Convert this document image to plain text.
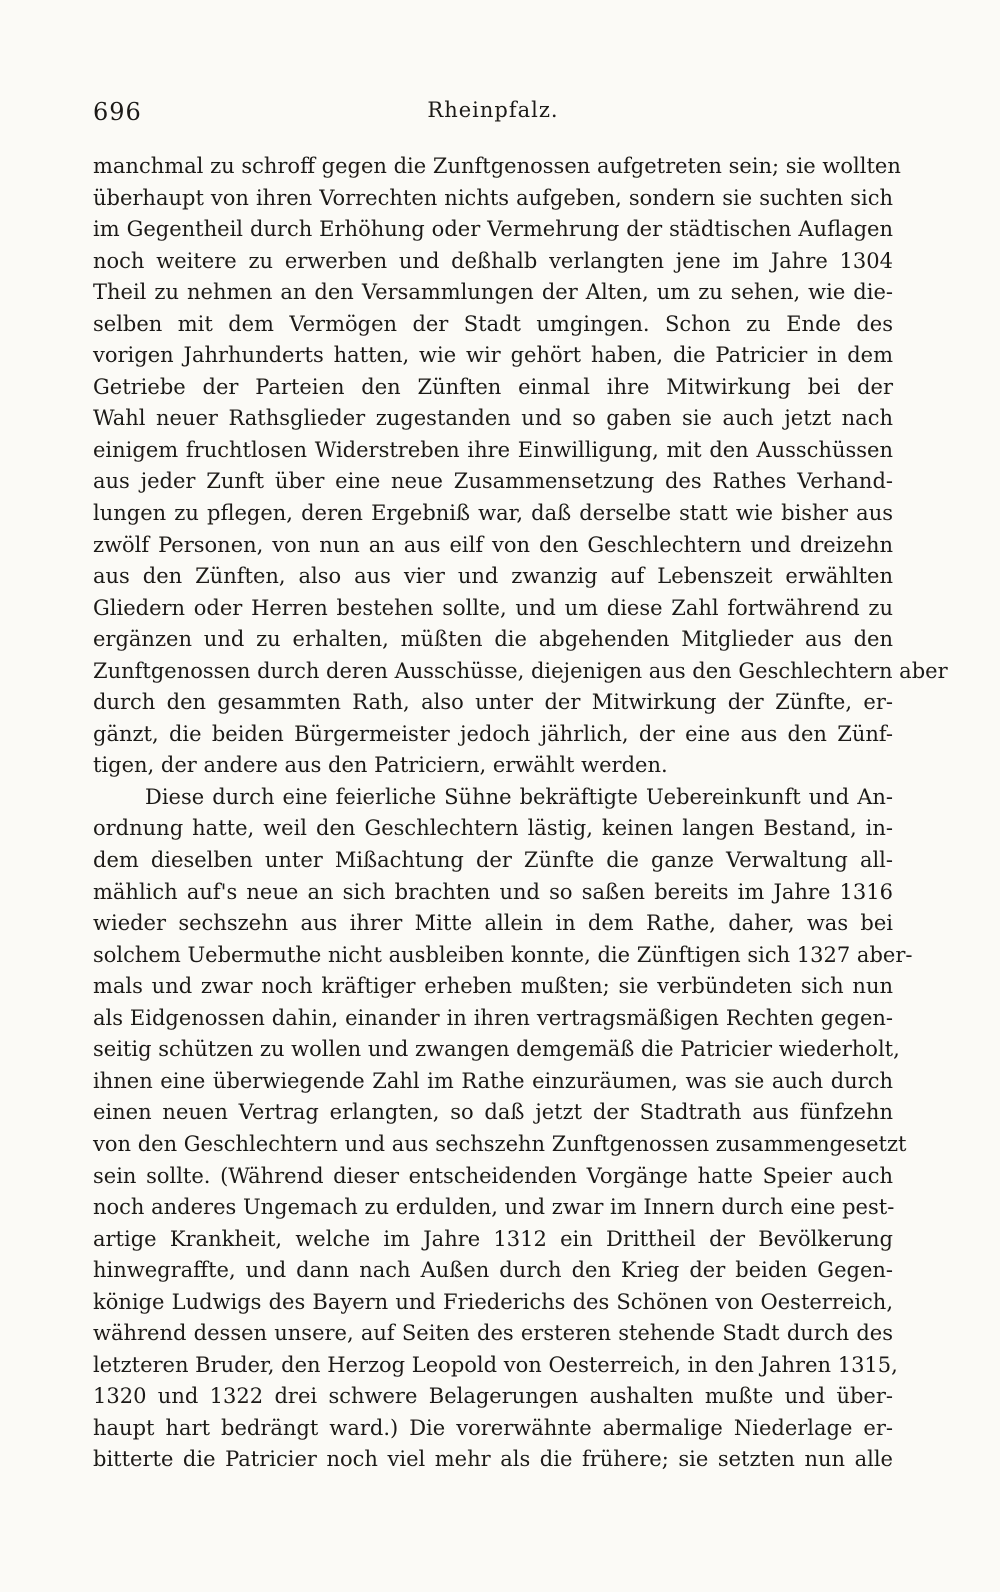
696	Rheinpfalz.
manchmal zu schroff gegen die Zunftgenossen aufgetreten sein; sie wollten
überhaupt von ihren Vorrechten nichts aufgeben, sondern sie suchten sich
im Gegentheil durch Erhöhung oder Vermehrung der städtischen Auflagen
noch weitere zu erwerben und deßhalb verlangten jene im Jahre 1304
Theil zu nehmen an den Versammlungen der Alten, um zu sehen, wie die-
selben mit dem Vermögen der Stadt umgingen. Schon zu Ende des
vorigen Jahrhunderts hatten, wie wir gehört haben, die Patricier in dem
Getriebe der Parteien den Zünften einmal ihre Mitwirkung bei der
Wahl neuer Rathsglieder zugestanden und so gaben sie auch jetzt nach
einigem fruchtlosen Widerstreben ihre Einwilligung, mit den Ausschüssen
aus jeder Zunft über eine neue Zusammensetzung des Rathes Verhand-
lungen zu pflegen, deren Ergebniß war, daß derselbe statt wie bisher aus
zwölf Personen, von nun an aus eilf von den Geschlechtern und dreizehn
aus den Zünften, also aus vier und zwanzig auf Lebenszeit erwählten
Gliedern oder Herren bestehen sollte, und um diese Zahl fortwährend zu
ergänzen und zu erhalten, müßten die abgehenden Mitglieder aus den
Zunftgenossen durch deren Ausschüsse, diejenigen aus den Geschlechtern aber
durch den gesammten Rath, also unter der Mitwirkung der Zünfte, er-
gänzt, die beiden Bürgermeister jedoch jährlich, der eine aus den Zünf-
tigen, der andere aus den Patriciern, erwählt werden.
Diese durch eine feierliche Sühne bekräftigte Uebereinkunft und An-
ordnung hatte, weil den Geschlechtern lästig, keinen langen Bestand, in-
dem dieselben unter Mißachtung der Zünfte die ganze Verwaltung all-
mählich auf's neue an sich brachten und so saßen bereits im Jahre 1316
wieder sechszehn aus ihrer Mitte allein in dem Rathe, daher, was bei
solchem Uebermuthe nicht ausbleiben konnte, die Zünftigen sich 1327 aber-
mals und zwar noch kräftiger erheben mußten; sie verbündeten sich nun
als Eidgenossen dahin, einander in ihren vertragsmäßigen Rechten gegen-
seitig schützen zu wollen und zwangen demgemäß die Patricier wiederholt,
ihnen eine überwiegende Zahl im Rathe einzuräumen, was sie auch durch
einen neuen Vertrag erlangten, so daß jetzt der Stadtrath aus fünfzehn
von den Geschlechtern und aus sechszehn Zunftgenossen zusammengesetzt
sein sollte. (Während dieser entscheidenden Vorgänge hatte Speier auch
noch anderes Ungemach zu erdulden, und zwar im Innern durch eine pest-
artige Krankheit, welche im Jahre 1312 ein Drittheil der Bevölkerung
hinwegraffte, und dann nach Außen durch den Krieg der beiden Gegen-
könige Ludwigs des Bayern und Friederichs des Schönen von Oesterreich,
während dessen unsere, auf Seiten des ersteren stehende Stadt durch des
letzteren Bruder, den Herzog Leopold von Oesterreich, in den Jahren 1315,
1320 und 1322 drei schwere Belagerungen aushalten mußte und über-
haupt hart bedrängt ward.) Die vorerwähnte abermalige Niederlage er-
bitterte die Patricier noch viel mehr als die frühere; sie setzten nun alle
